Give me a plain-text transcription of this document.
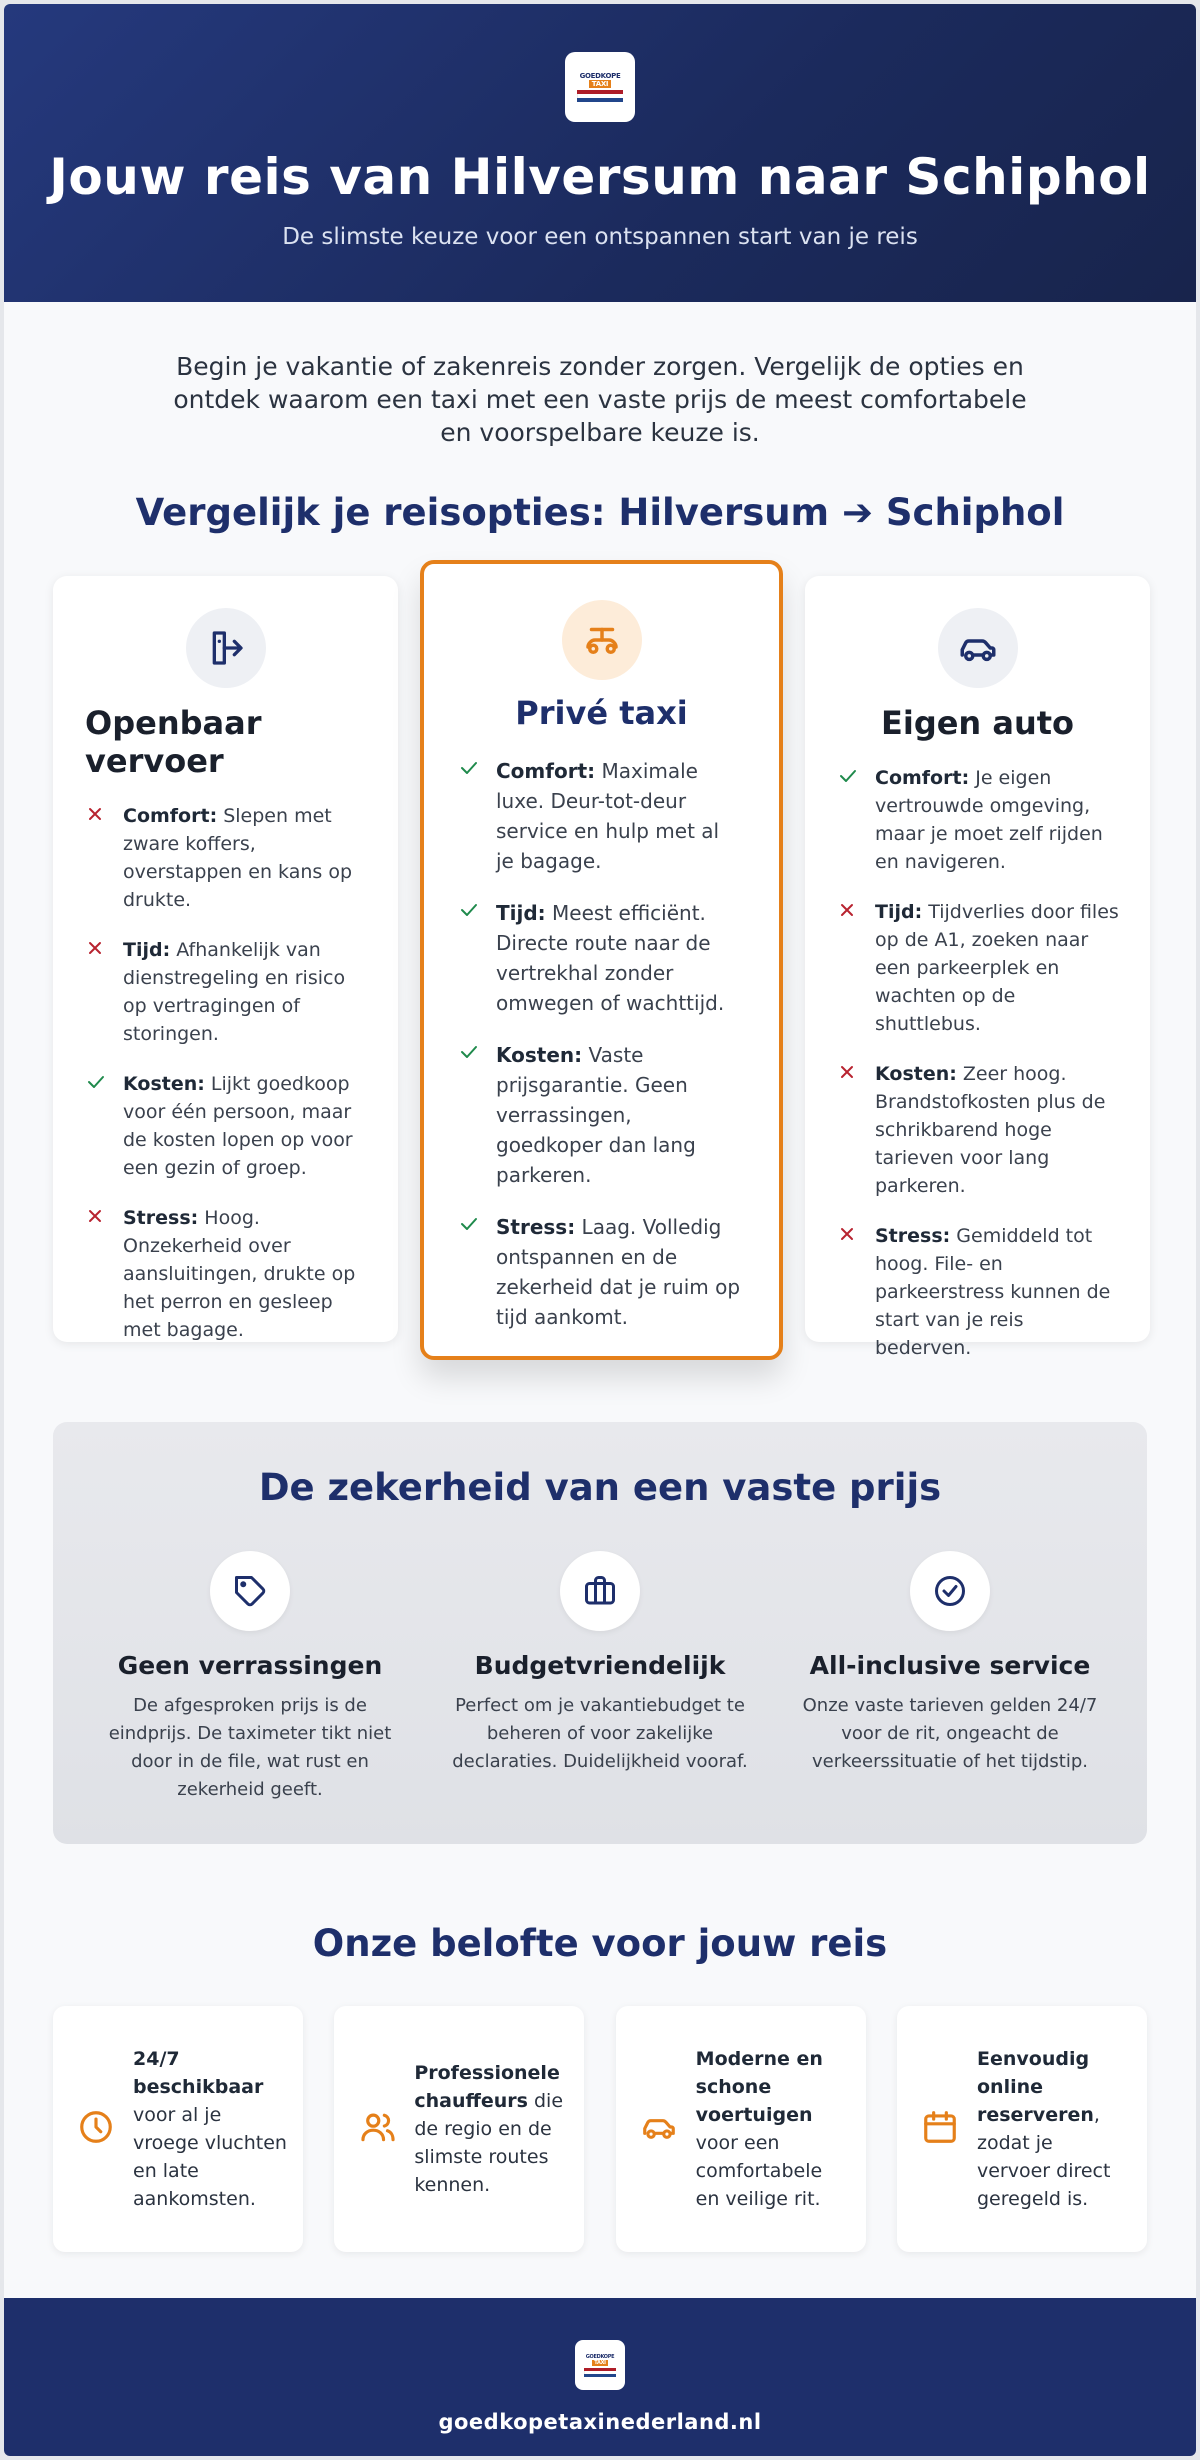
GOEDKOPE
TAXI
Jouw reis van Hilversum naar Schiphol

De slimste keuze voor een ontspannen start van je reis

Begin je vakantie of zakenreis zonder zorgen. Vergelijk de opties en ontdek waarom een taxi met een vaste prijs de meest comfortabele en voorspelbare keuze is.

Vergelijk je reisopties: Hilversum ➔ Schiphol
Openbaar vervoer
Comfort: Slepen met zware koffers, overstappen en kans op drukte.
Tijd: Afhankelijk van dienstregeling en risico op vertragingen of storingen.
Kosten: Lijkt goedkoop voor één persoon, maar de kosten lopen op voor een gezin of groep.
Stress: Hoog. Onzekerheid over aansluitingen, drukte op het perron en gesleep met bagage.
Privé taxi
Comfort: Maximale luxe. Deur-tot-deur service en hulp met al je bagage.
Tijd: Meest efficiënt. Directe route naar de vertrekhal zonder omwegen of wachttijd.
Kosten: Vaste prijsgarantie. Geen verrassingen, goedkoper dan lang parkeren.
Stress: Laag. Volledig ontspannen en de zekerheid dat je ruim op tijd aankomt.
Eigen auto
Comfort: Je eigen vertrouwde omgeving, maar je moet zelf rijden en navigeren.
Tijd: Tijdverlies door files op de A1, zoeken naar een parkeerplek en wachten op de shuttlebus.
Kosten: Zeer hoog. Brandstofkosten plus de schrikbarend hoge tarieven voor lang parkeren.
Stress: Gemiddeld tot hoog. File- en parkeerstress kunnen de start van je reis bederven.
De zekerheid van een vaste prijs
Geen verrassingen

De afgesproken prijs is de eindprijs. De taximeter tikt niet door in de file, wat rust en zekerheid geeft.

Budgetvriendelijk

Perfect om je vakantiebudget te beheren of voor zakelijke declaraties. Duidelijkheid vooraf.

All-inclusive service

Onze vaste tarieven gelden 24/7 voor de rit, ongeacht de verkeerssituatie of het tijdstip.

Onze belofte voor jouw reis

24/7 beschikbaar voor al je vroege vluchten en late aankomsten.

Professionele chauffeurs die de regio en de slimste routes kennen.

Moderne en schone voertuigen voor een comfortabele en veilige rit.

Eenvoudig online reserveren, zodat je vervoer direct geregeld is.

GOEDKOPE
TAXI

goedkopetaxinederland.nl
